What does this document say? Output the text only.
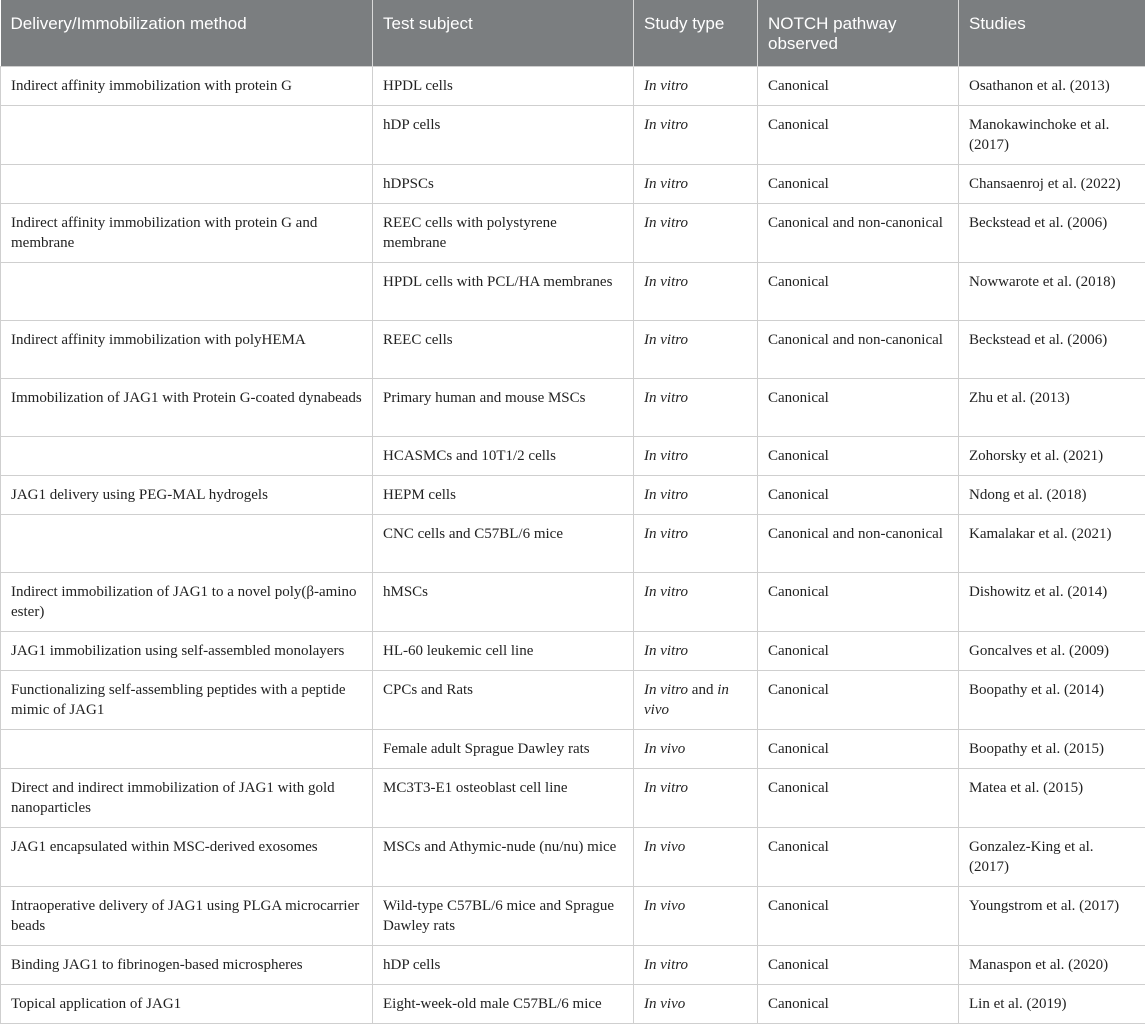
Delivery/Immobilization method	Test subject	Study type	NOTCH pathway observed	Studies
Indirect affinity immobilization with protein G	HPDL cells	In vitro	Canonical	Osathanon et al. (2013)
	hDP cells	In vitro	Canonical	Manokawinchoke et al. (2017)
	hDPSCs	In vitro	Canonical	Chansaenroj et al. (2022)
Indirect affinity immobilization with protein G and membrane	REEC cells with polystyrene membrane	In vitro	Canonical and non-canonical	Beckstead et al. (2006)
	HPDL cells with PCL/HA membranes	In vitro	Canonical	Nowwarote et al. (2018)
Indirect affinity immobilization with polyHEMA	REEC cells	In vitro	Canonical and non-canonical	Beckstead et al. (2006)
Immobilization of JAG1 with Protein G-coated dynabeads	Primary human and mouse MSCs	In vitro	Canonical	Zhu et al. (2013)
	HCASMCs and 10T1/2 cells	In vitro	Canonical	Zohorsky et al. (2021)
JAG1 delivery using PEG-MAL hydrogels	HEPM cells	In vitro	Canonical	Ndong et al. (2018)
	CNC cells and C57BL/6 mice	In vitro	Canonical and non-canonical	Kamalakar et al. (2021)
Indirect immobilization of JAG1 to a novel poly(β-amino ester)	hMSCs	In vitro	Canonical	Dishowitz et al. (2014)
JAG1 immobilization using self-assembled monolayers	HL-60 leukemic cell line	In vitro	Canonical	Goncalves et al. (2009)
Functionalizing self-assembling peptides with a peptide mimic of JAG1	CPCs and Rats	In vitro and in vivo	Canonical	Boopathy et al. (2014)
	Female adult Sprague Dawley rats	In vivo	Canonical	Boopathy et al. (2015)
Direct and indirect immobilization of JAG1 with gold nanoparticles	MC3T3-E1 osteoblast cell line	In vitro	Canonical	Matea et al. (2015)
JAG1 encapsulated within MSC-derived exosomes	MSCs and Athymic-nude (nu/nu) mice	In vivo	Canonical	Gonzalez-King et al. (2017)
Intraoperative delivery of JAG1 using PLGA microcarrier beads	Wild-type C57BL/6 mice and Sprague Dawley rats	In vivo	Canonical	Youngstrom et al. (2017)
Binding JAG1 to fibrinogen-based microspheres	hDP cells	In vitro	Canonical	Manaspon et al. (2020)
Topical application of JAG1	Eight-week-old male C57BL/6 mice	In vivo	Canonical	Lin et al. (2019)
